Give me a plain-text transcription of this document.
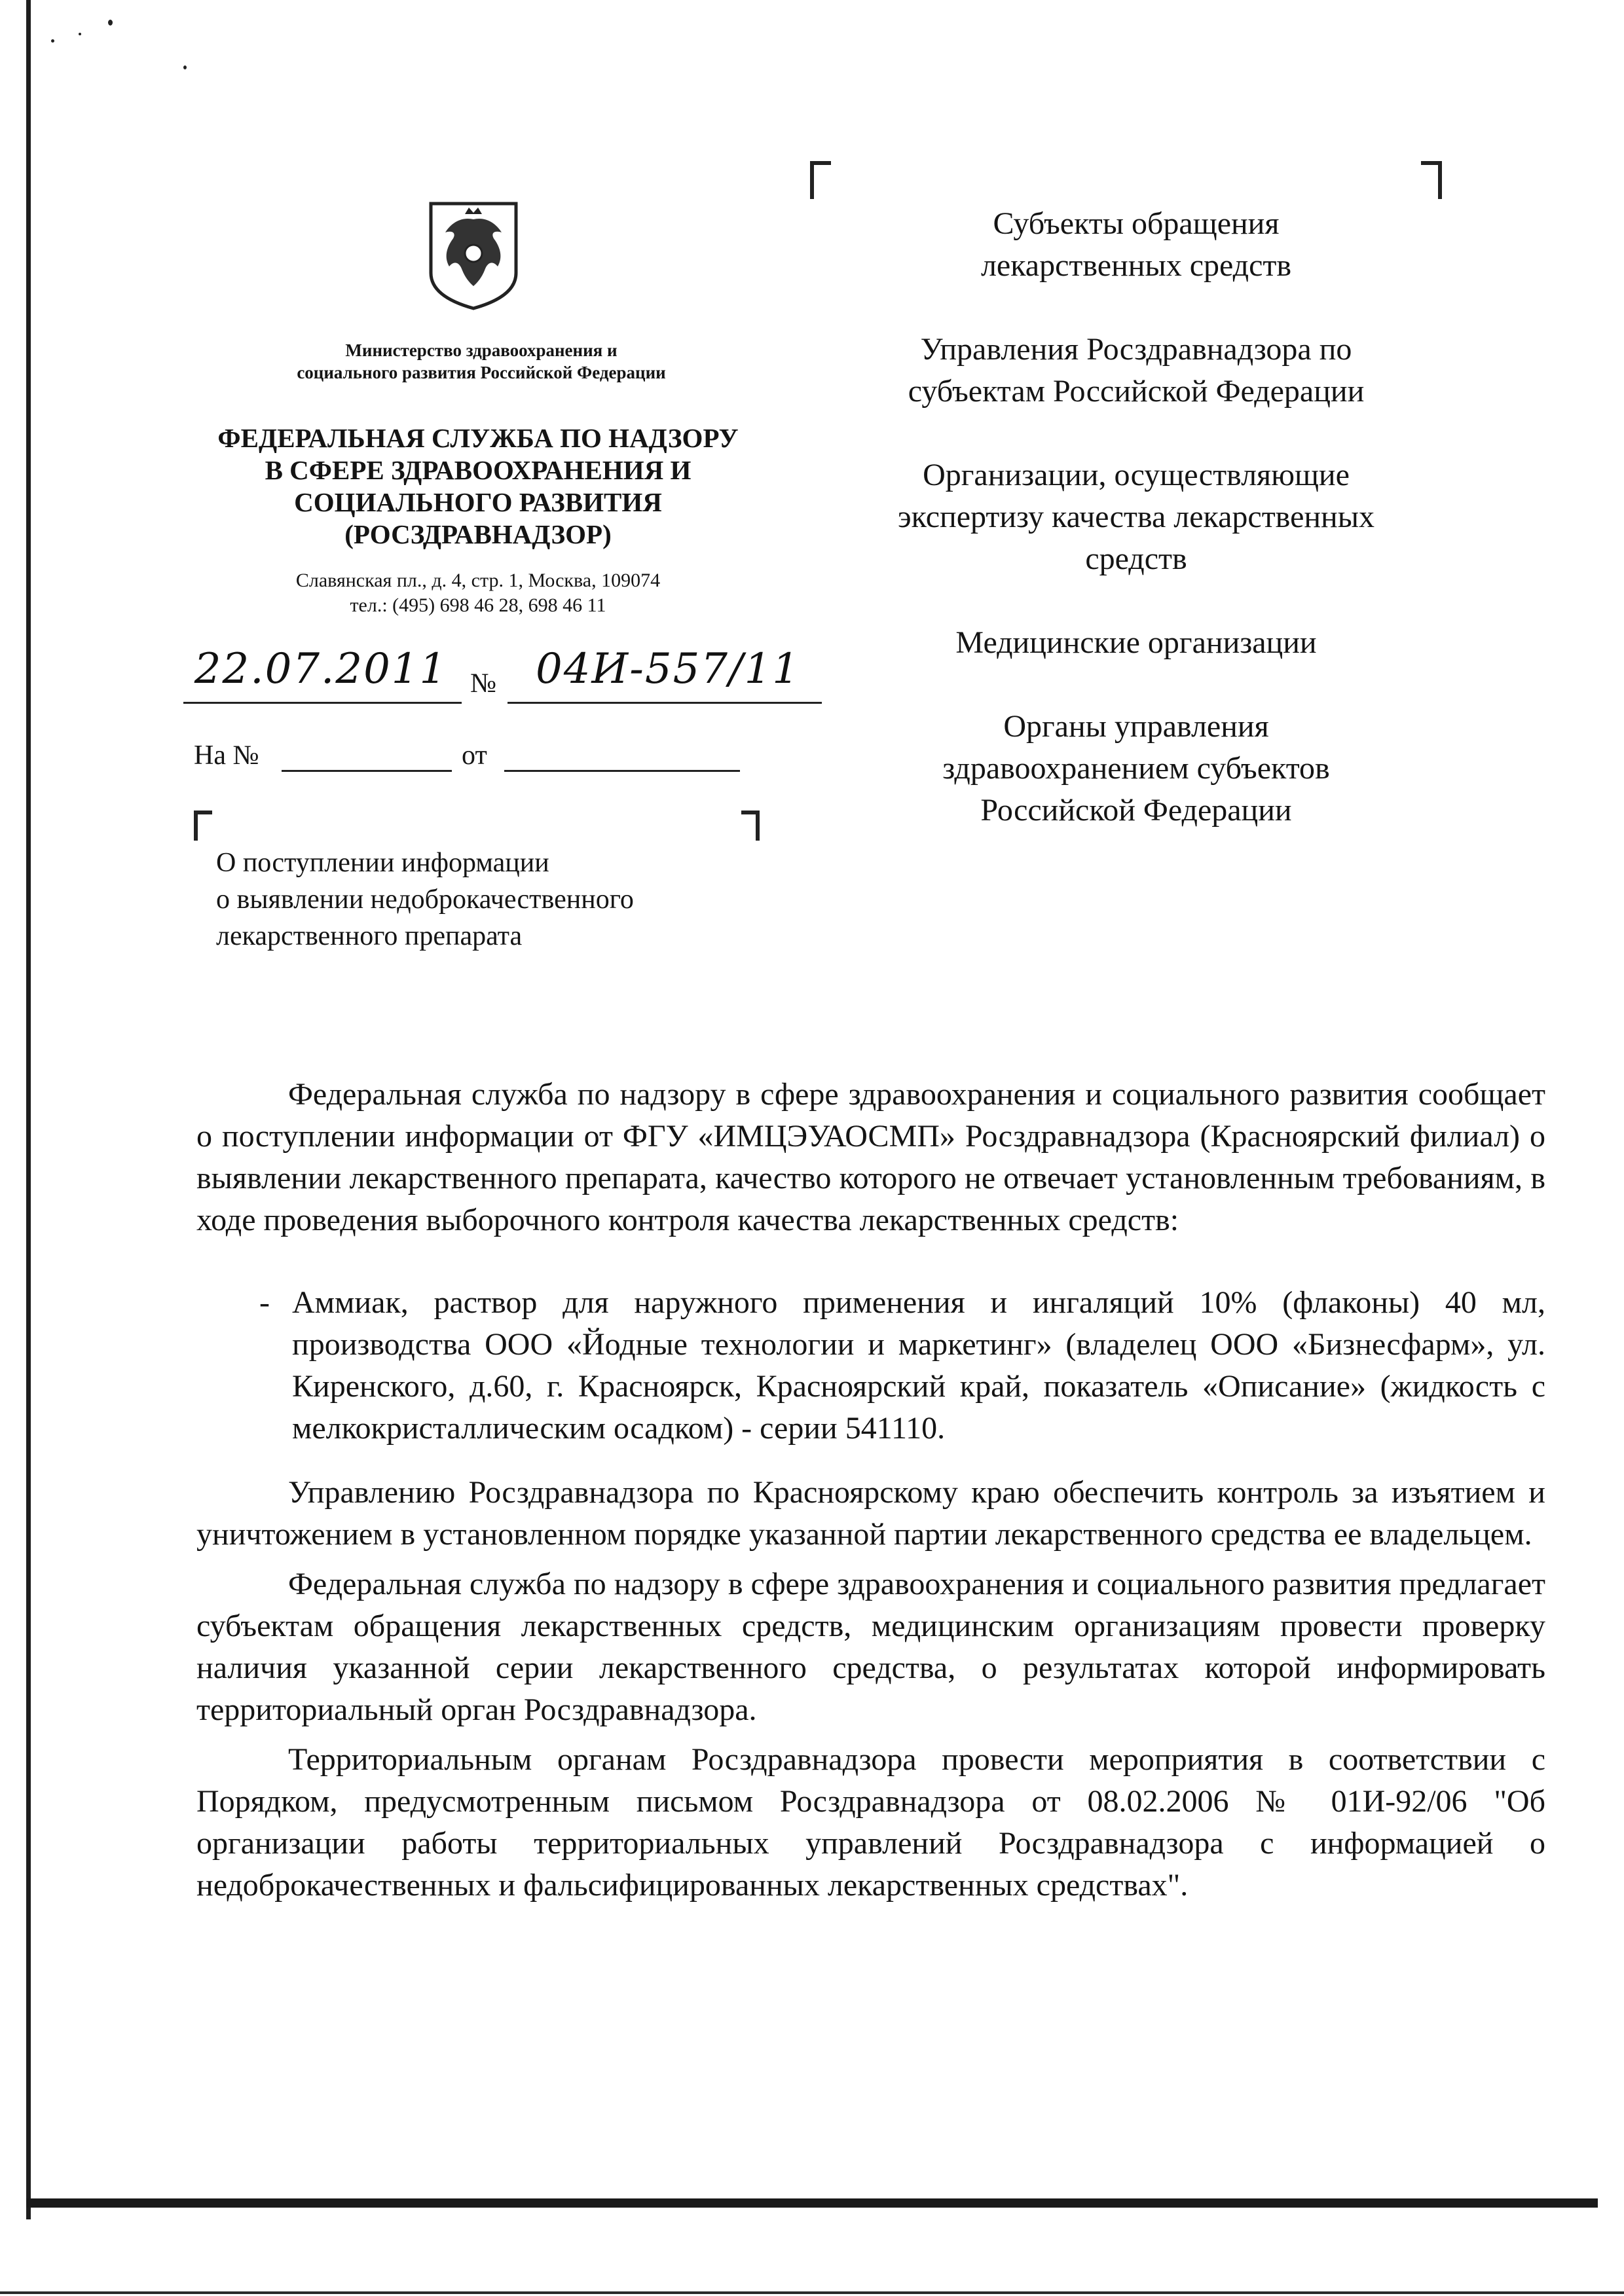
Министерство здравоохранения и
социального развития Российской Федерации
ФЕДЕРАЛЬНАЯ СЛУЖБА ПО НАДЗОРУ
В СФЕРЕ ЗДРАВООХРАНЕНИЯ И
СОЦИАЛЬНОГО РАЗВИТИЯ
(РОСЗДРАВНАДЗОР)
Славянская пл., д. 4, стр. 1, Москва, 109074
тел.: (495) 698 46 28, 698 46 11
22.07.2011 № 04И-557/11
На №	от
О поступлении информации
о выявлении недоброкачественного
лекарственного препарата
Субъекты обращения
лекарственных средств
Управления Росздравнадзора по
субъектам Российской Федерации
Организации, осуществляющие
экспертизу качества лекарственных
средств
Медицинские организации
Органы управления
здравоохранением субъектов
Российской Федерации

Федеральная служба по надзору в сфере здравоохранения и социального развития сообщает о поступлении информации от ФГУ «ИМЦЭУАОСМП» Росздравнадзора (Красноярский филиал) о выявлении лекарственного препарата, качество которого не отвечает установленным требованиям, в ходе проведения выборочного контроля качества лекарственных средств:

- Аммиак, раствор для наружного применения и ингаляций 10% (флаконы) 40 мл, производства ООО «Йодные технологии и маркетинг» (владелец ООО «Бизнесфарм», ул. Киренского, д.60, г. Красноярск, Красноярский край, показатель «Описание» (жидкость с мелкокристаллическим осадком) - серии 541110.

Управлению Росздравнадзора по Красноярскому краю обеспечить контроль за изъятием и уничтожением в установленном порядке указанной партии лекарственного средства ее владельцем.

Федеральная служба по надзору в сфере здравоохранения и социального развития предлагает субъектам обращения лекарственных средств, медицинским организациям провести проверку наличия указанной серии лекарственного средства, о результатах которой информировать территориальный орган Росздравнадзора.

Территориальным органам Росздравнадзора провести мероприятия в соответствии с Порядком, предусмотренным письмом Росздравнадзора от 08.02.2006 № 01И-92/06 "Об организации работы территориальных управлений Росздравнадзора с информацией о недоброкачественных и фальсифицированных лекарственных средствах".
